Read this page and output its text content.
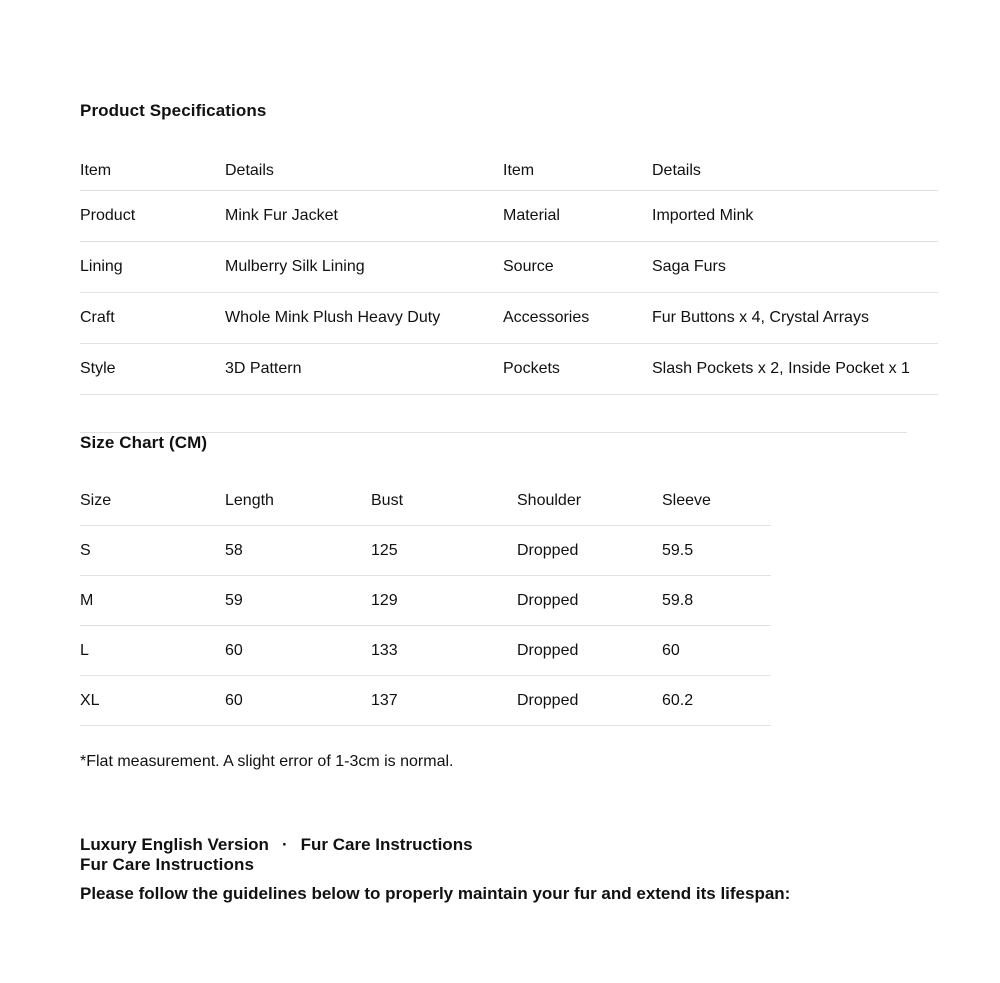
Product Specifications
Item	Details	Item	Details
Product	Mink Fur Jacket	Material	Imported Mink
Lining	Mulberry Silk Lining	Source	Saga Furs
Craft	Whole Mink Plush Heavy Duty	Accessories	Fur Buttons x 4, Crystal Arrays
Style	3D Pattern	Pockets	Slash Pockets x 2, Inside Pocket x 1
Size Chart (CM)
Size	Length	Bust	Shoulder	Sleeve
S	58	125	Dropped	59.5
M	59	129	Dropped	59.8
L	60	133	Dropped	60
XL	60	137	Dropped	60.2

*Flat measurement. A slight error of 1-3cm is normal.

Luxury English Version · Fur Care Instructions
Fur Care Instructions

Please follow the guidelines below to properly maintain your fur and extend its lifespan:
